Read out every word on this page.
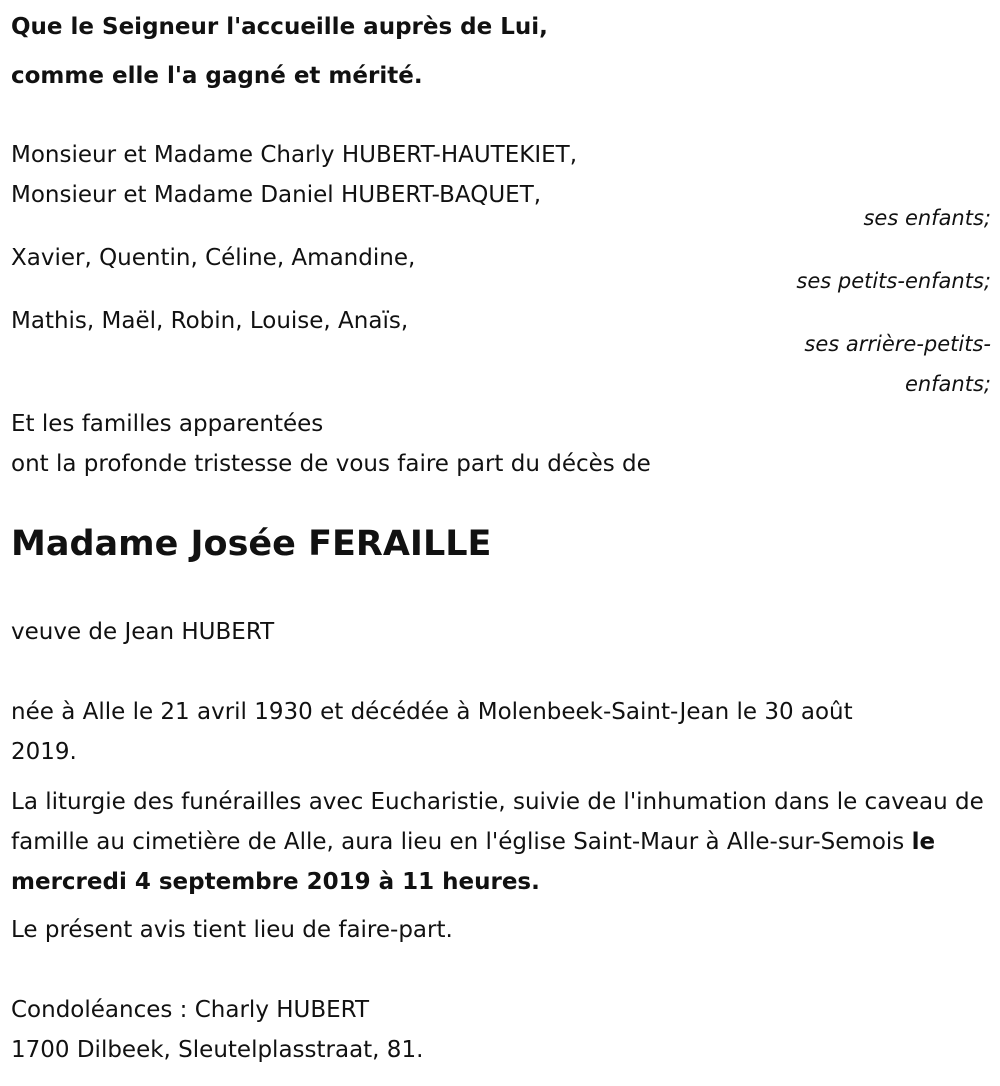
Que le Seigneur l'accueille auprès de Lui,
comme elle l'a gagné et mérité.
Monsieur et Madame Charly HUBERT-HAUTEKIET,
Monsieur et Madame Daniel HUBERT-BAQUET,
ses enfants;
Xavier, Quentin, Céline, Amandine,
ses petits-enfants;
Mathis, Maël, Robin, Louise, Anaïs,
ses arrière-petits-
enfants;
Et les familles apparentées
ont la profonde tristesse de vous faire part du décès de
Madame Josée FERAILLE
veuve de Jean HUBERT
née à Alle le 21 avril 1930 et décédée à Molenbeek-Saint-Jean le 30 août
2019.
La liturgie des funérailles avec Eucharistie, suivie de l'inhumation dans le caveau de famille au cimetière de Alle, aura lieu en l'église Saint-Maur à Alle-sur-Semois le mercredi 4 septembre 2019 à 11 heures.
Le présent avis tient lieu de faire-part.
Condoléances : Charly HUBERT
1700 Dilbeek, Sleutelplasstraat, 81.
